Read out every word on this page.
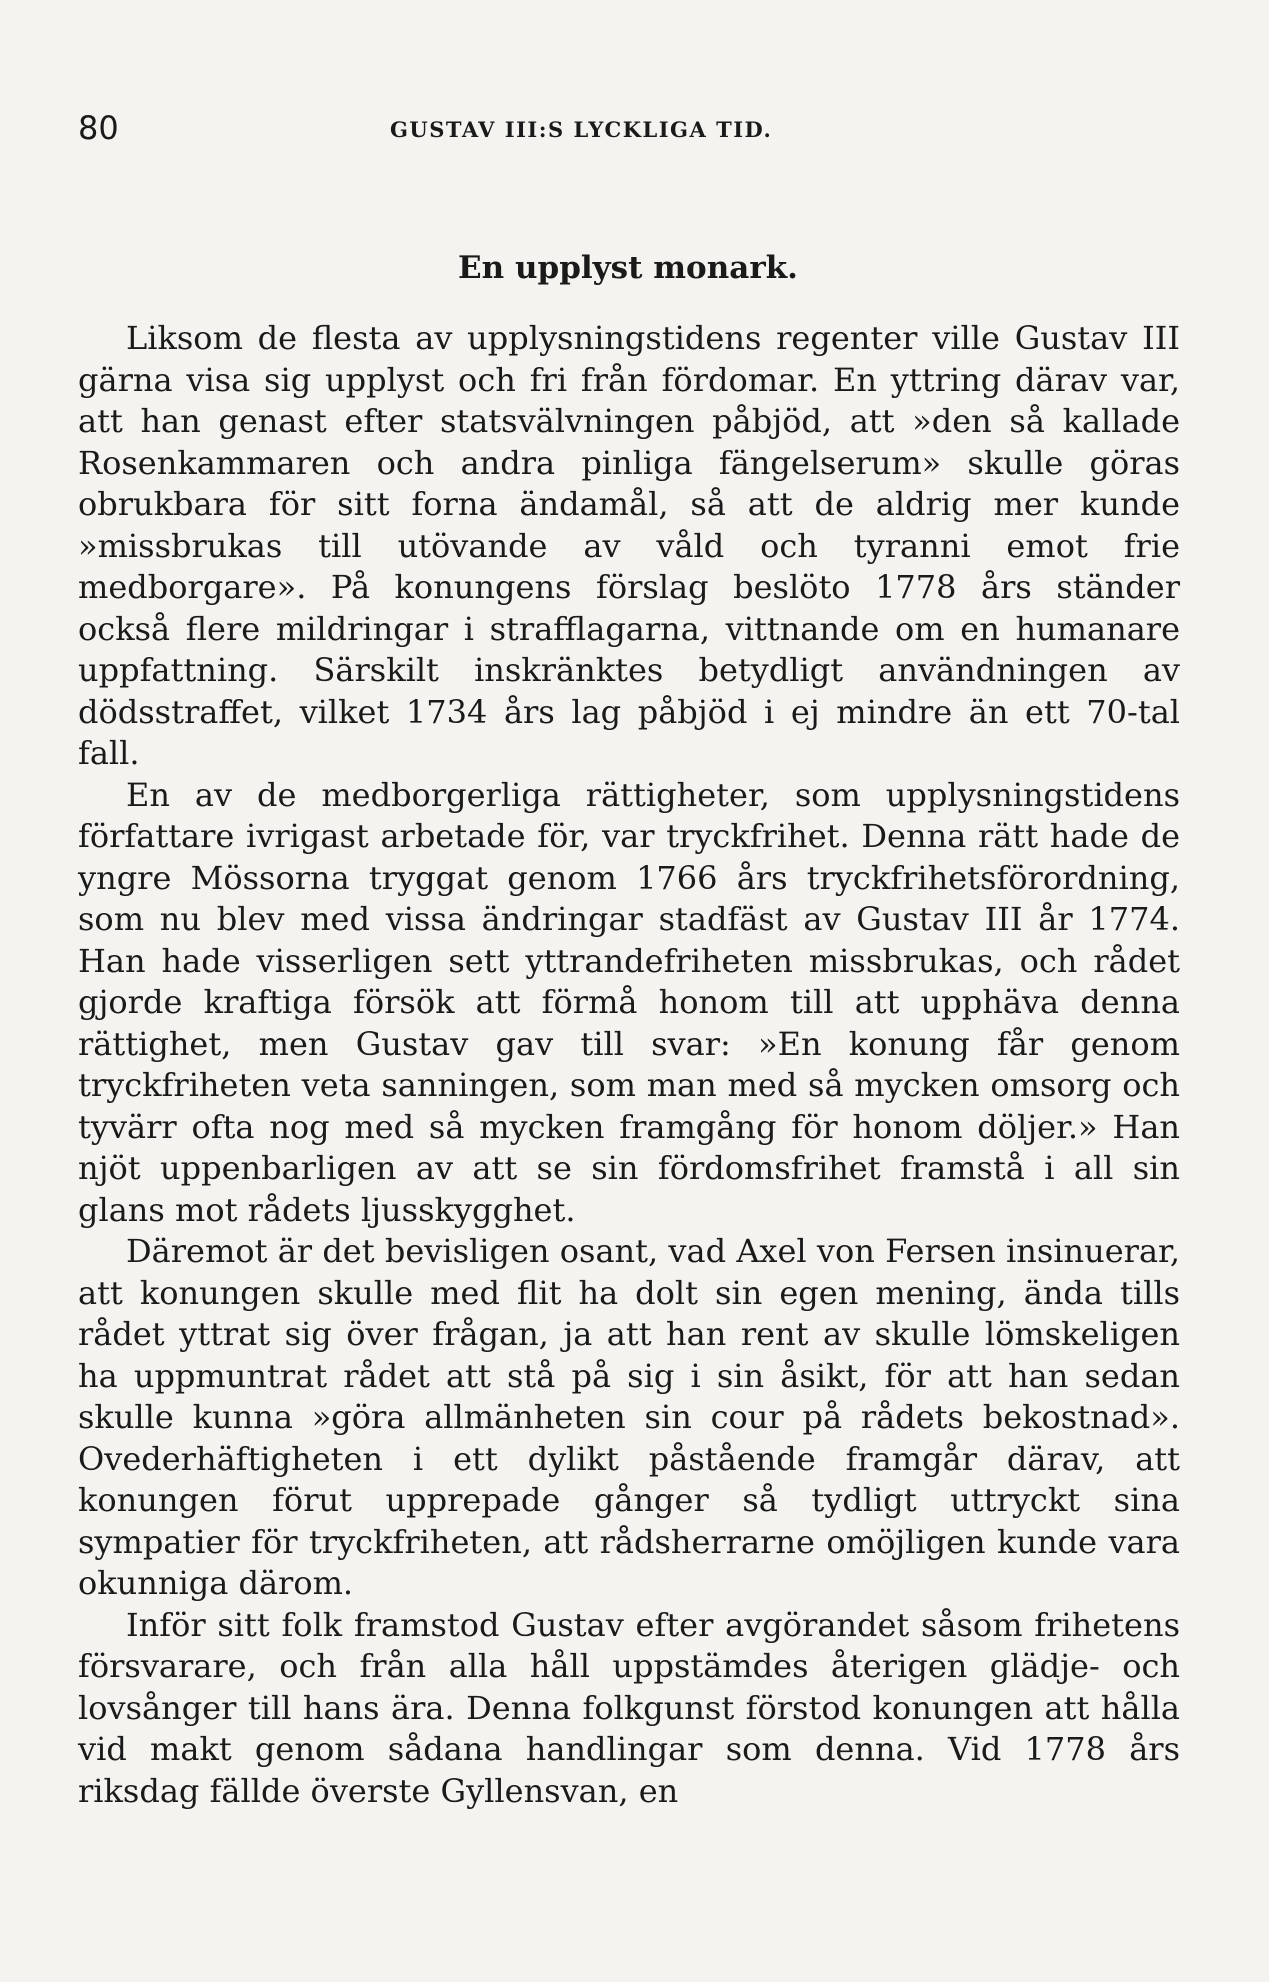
80	GUSTAV III:S LYCKLIGA TID.
En upplyst monark.

Liksom de flesta av upplysningstidens regenter ville Gustav III gärna visa sig upplyst och fri från fördomar. En yttring därav var, att han genast efter statsvälvningen påbjöd, att »den så kallade Rosenkammaren och andra pinliga fängelserum» skulle göras obrukbara för sitt forna ändamål, så att de aldrig mer kunde »missbrukas till utövande av våld och tyranni emot frie medborgare». På konungens förslag beslöto 1778 års ständer också flere mildringar i strafflagarna, vittnande om en humanare uppfattning. Särskilt inskränktes betydligt användningen av dödsstraffet, vilket 1734 års lag påbjöd i ej mindre än ett 70-tal fall.

En av de medborgerliga rättigheter, som upplysningstidens författare ivrigast arbetade för, var tryckfrihet. Denna rätt hade de yngre Mössorna tryggat genom 1766 års tryckfrihetsförordning, som nu blev med vissa ändringar stadfäst av Gustav III år 1774. Han hade visserligen sett yttrandefriheten missbrukas, och rådet gjorde kraftiga försök att förmå honom till att upphäva denna rättighet, men Gustav gav till svar: »En konung får genom tryckfriheten veta sanningen, som man med så mycken omsorg och tyvärr ofta nog med så mycken framgång för honom döljer.» Han njöt uppenbarligen av att se sin fördomsfrihet framstå i all sin glans mot rådets ljusskygghet.

Däremot är det bevisligen osant, vad Axel von Fersen insinuerar, att konungen skulle med flit ha dolt sin egen mening, ända tills rådet yttrat sig över frågan, ja att han rent av skulle lömskeligen ha uppmuntrat rådet att stå på sig i sin åsikt, för att han sedan skulle kunna »göra allmänheten sin cour på rådets bekostnad». Ovederhäftigheten i ett dylikt påstående framgår därav, att konungen förut upprepade gånger så tydligt uttryckt sina sympatier för tryckfriheten, att rådsherrarne omöjligen kunde vara okunniga därom.

Inför sitt folk framstod Gustav efter avgörandet såsom frihetens försvarare, och från alla håll uppstämdes återigen glädje- och lovsånger till hans ära. Denna folkgunst förstod konungen att hålla vid makt genom sådana handlingar som denna. Vid 1778 års riksdag fällde överste Gyllensvan, en
